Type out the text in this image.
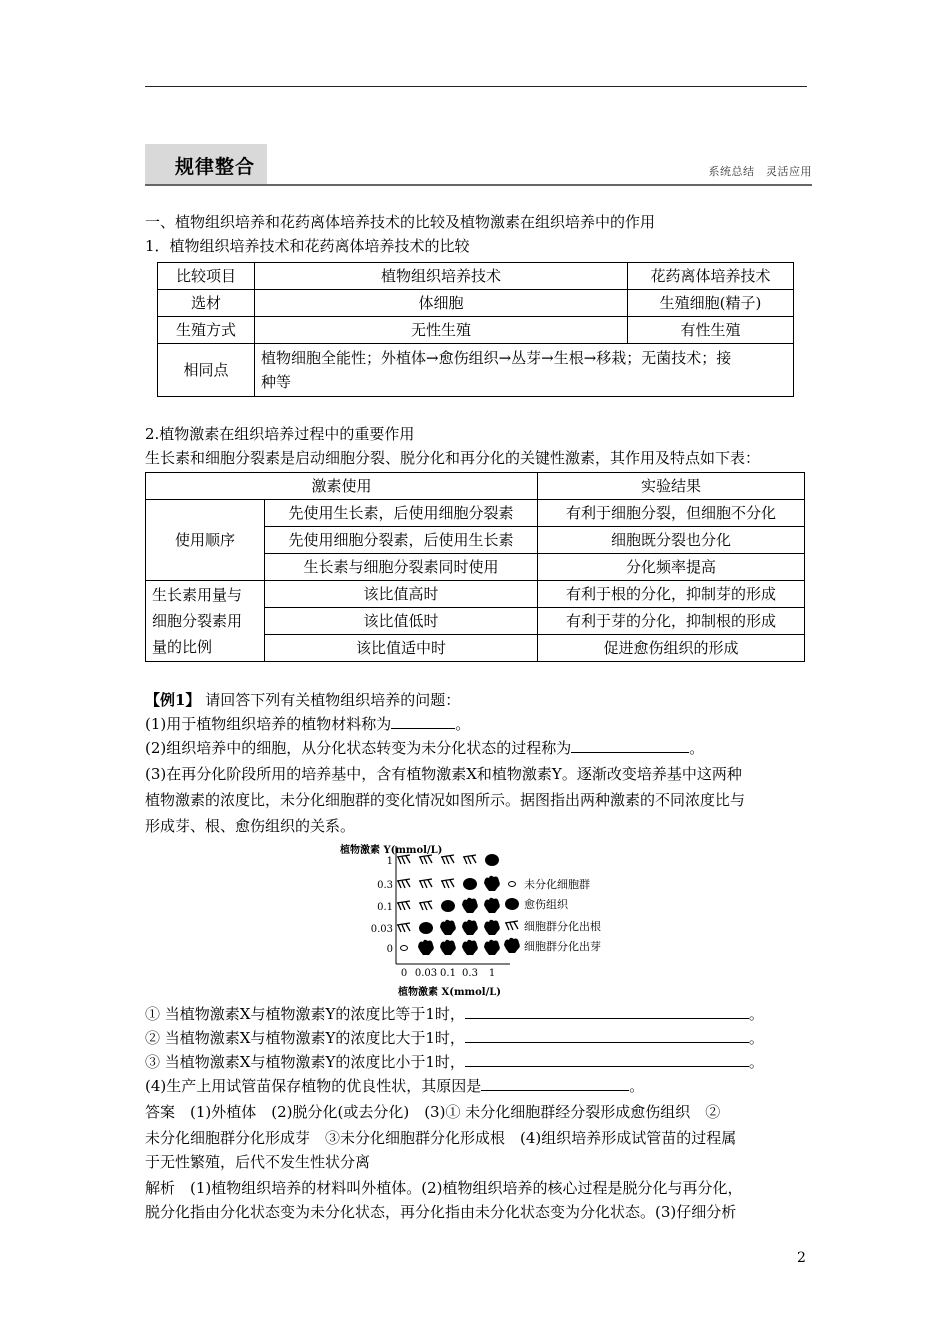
规律整合	系统总结　灵活应用
一、植物组织培养和花药离体培养技术的比较及植物激素在组织培养中的作用
1．植物组织培养技术和花药离体培养技术的比较
比较项目	植物组织培养技术	花药离体培养技术
选材	体细胞	生殖细胞(精子)
生殖方式	无性生殖	有性生殖
相同点	植物细胞全能性；外植体→愈伤组织→丛芽→生根→移栽；无菌技术；接
种等	
2.植物激素在组织培养过程中的重要作用
生长素和细胞分裂素是启动细胞分裂、脱分化和再分化的关键性激素，其作用及特点如下表：
激素使用		实验结果
使用顺序	先使用生长素，后使用细胞分裂素	有利于细胞分裂，但细胞不分化
	先使用细胞分裂素，后使用生长素	细胞既分裂也分化
	生长素与细胞分裂素同时使用	分化频率提高

生长素用量与
细胞分裂素用
量的比例	该比值高时	有利于根的分化，抑制芽的形成
	该比值低时	有利于芽的分化，抑制根的形成
	该比值适中时	促进愈伤组织的形成
【例1】 请回答下列有关植物组织培养的问题：
(1)用于植物组织培养的植物材料称为	。
(2)组织培养中的细胞，从分化状态转变为未分化状态的过程称为	。
(3)在再分化阶段所用的培养基中，含有植物激素X和植物激素Y。逐渐改变培养基中这两种
植物激素的浓度比，未分化细胞群的变化情况如图所示。据图指出两种激素的不同浓度比与
形成芽、根、愈伤组织的关系。
植物激素 Y(mmol/L)
植物激素 X(mmol/L)
1
0.3
0.1
0.03
0
0 0.03 0.1 0.3 1
未分化细胞群
愈伤组织
细胞群分化出根
细胞群分化出芽
① 当植物激素X与植物激素Y的浓度比等于1时，	。
② 当植物激素X与植物激素Y的浓度比大于1时，	。
③ 当植物激素X与植物激素Y的浓度比小于1时，	。
(4)生产上用试管苗保存植物的优良性状，其原因是	。
答案　(1)外植体　(2)脱分化(或去分化)　(3)① 未分化细胞群经分裂形成愈伤组织　②
未分化细胞群分化形成芽　③未分化细胞群分化形成根　(4)组织培养形成试管苗的过程属
于无性繁殖，后代不发生性状分离
解析　(1)植物组织培养的材料叫外植体。(2)植物组织培养的核心过程是脱分化与再分化，
脱分化指由分化状态变为未分化状态，再分化指由未分化状态变为分化状态。(3)仔细分析
2
